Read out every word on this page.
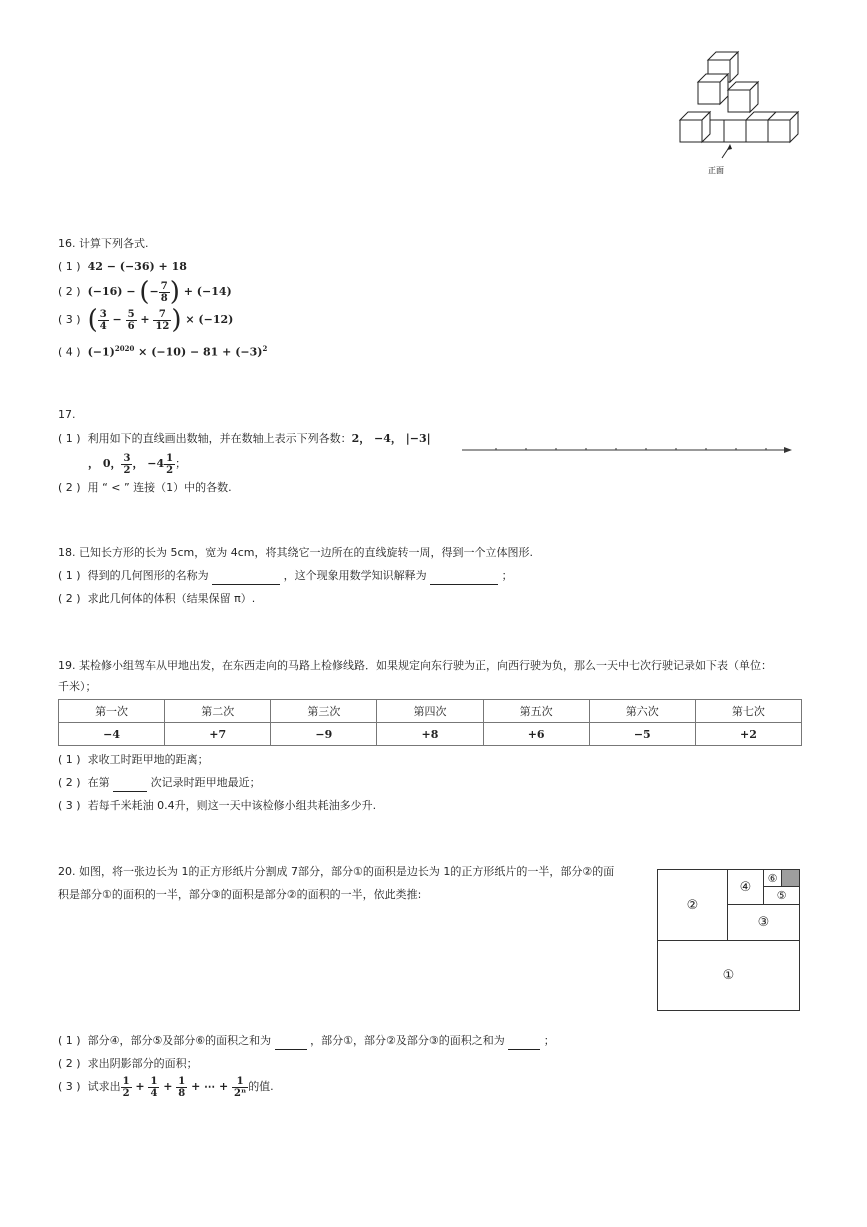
正面
16. 计算下列各式.
( 1 ) 42 − (−36) + 18
( 2 ) (−16) − (− $\frac{7}{8}$ ) + (−14)
( 3 ) ( $\frac{3}{4} - \frac{5}{6} + \frac{7}{12}$ ) × (−12)
( 4 ) $(-1)^{2020} \times (-10) - 81 + (-3)^2$
17.
( 1 ) 利用如下的直线画出数轴，并在数轴上表示下列各数：2， −4， |−3|
， 0， $\frac{3}{2}$ ， $-4 \frac{1}{2}$ ；
( 2 ) 用 “ < ” 连接（1）中的各数.
18. 已知长方形的长为 5cm，宽为 4cm，将其绕它一边所在的直线旋转一周，得到一个立体图形.
( 1 ) 得到的几何图形的名称为	，这个现象用数学知识解释为	；
( 2 ) 求此几何体的体积（结果保留 π）.
19. 某检修小组驾车从甲地出发，在东西走向的马路上检修线路．如果规定向东行驶为正，向西行驶为负，那么一天中七次行驶记录如下表（单位：
千米）；
第一次	第二次	第三次	第四次	第五次	第六次	第七次
−4	+7	−9	+8	+6	−5	+2
( 1 ) 求收工时距甲地的距离；
( 2 ) 在第	次记录时距甲地最近；
( 3 ) 若每千米耗油 0.4升，则这一天中该检修小组共耗油多少升.
20. 如图，将一张边长为 1的正方形纸片分割成 7部分，部分①的面积是边长为 1的正方形纸片的一半，部分②的面
积是部分①的面积的一半，部分③的面积是部分②的面积的一半，依此类推:
①
②
③
④
⑤
⑥
( 1 ) 部分④，部分⑤及部分⑥的面积之和为	，部分①，部分②及部分③的面积之和为	；
( 2 ) 求出阴影部分的面积；
( 3 ) 试求出 $\frac{1}{2} + \frac{1}{4} + \frac{1}{8}$ + ⋯ + $\frac{1}{\text{2ⁿ}}$ 的值.
